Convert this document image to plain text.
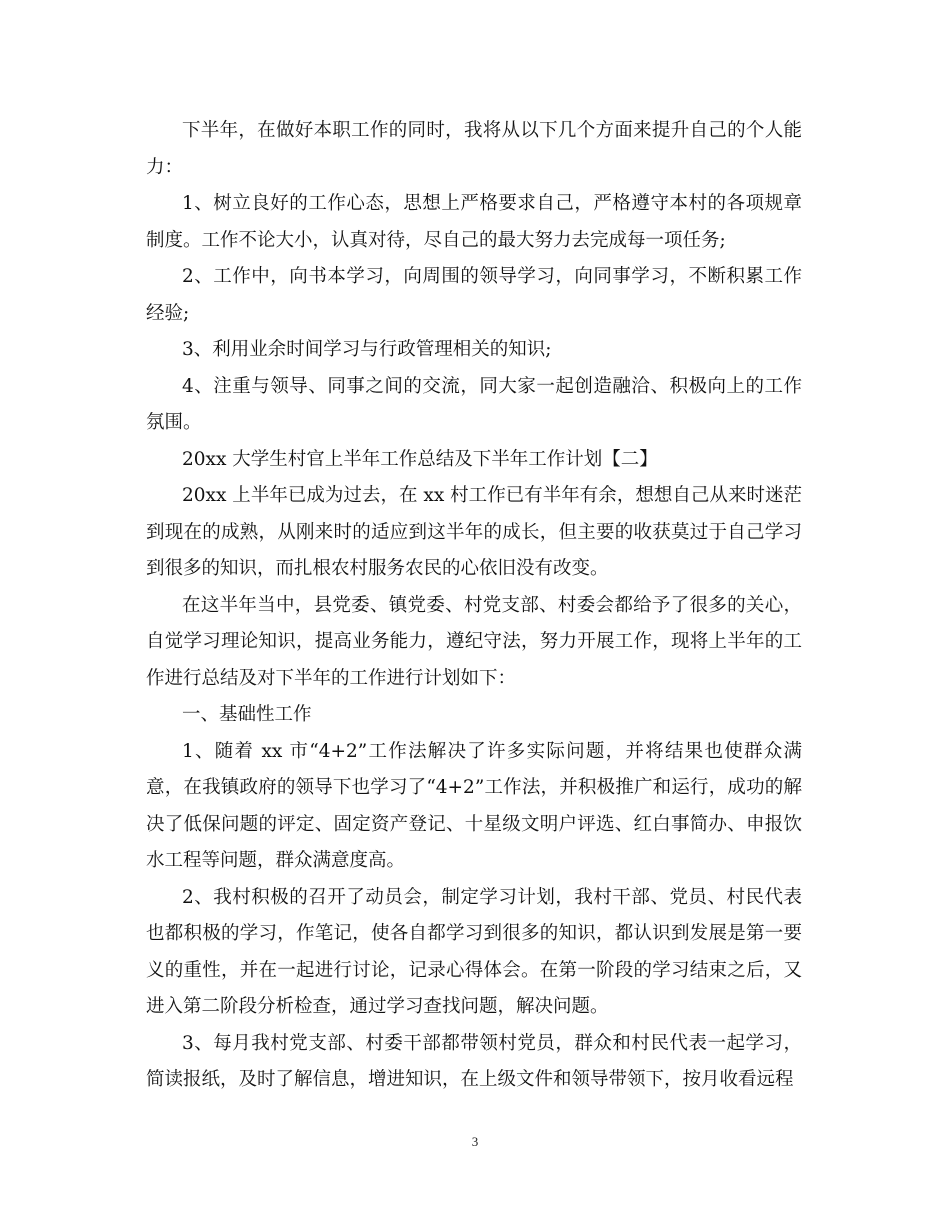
下半年，在做好本职工作的同时，我将从以下几个方面来提升自己的个人能力：

1、树立良好的工作心态，思想上严格要求自己，严格遵守本村的各项规章制度。工作不论大小，认真对待，尽自己的最大努力去完成每一项任务;

2、工作中，向书本学习，向周围的领导学习，向同事学习，不断积累工作经验;

3、利用业余时间学习与行政管理相关的知识;

4、注重与领导、同事之间的交流，同大家一起创造融洽、积极向上的工作氛围。

20xx 大学生村官上半年工作总结及下半年工作计划【二】

20xx 上半年已成为过去，在 xx 村工作已有半年有余，想想自己从来时迷茫到现在的成熟，从刚来时的适应到这半年的成长，但主要的收获莫过于自己学习到很多的知识，而扎根农村服务农民的心依旧没有改变。

在这半年当中，县党委、镇党委、村党支部、村委会都给予了很多的关心，自觉学习理论知识，提高业务能力，遵纪守法，努力开展工作，现将上半年的工作进行总结及对下半年的工作进行计划如下：

一、基础性工作

1、随着 xx 市“4+2”工作法解决了许多实际问题，并将结果也使群众满意，在我镇政府的领导下也学习了“4+2”工作法，并积极推广和运行，成功的解决了低保问题的评定、固定资产登记、十星级文明户评选、红白事简办、申报饮水工程等问题，群众满意度高。

2、我村积极的召开了动员会，制定学习计划，我村干部、党员、村民代表也都积极的学习，作笔记，使各自都学习到很多的知识，都认识到发展是第一要义的重性，并在一起进行讨论，记录心得体会。在第一阶段的学习结束之后，又进入第二阶段分析检查，通过学习查找问题，解决问题。

3、每月我村党支部、村委干部都带领村党员，群众和村民代表一起学习，简读报纸，及时了解信息，增进知识，在上级文件和领导带领下，按月收看远程

3
